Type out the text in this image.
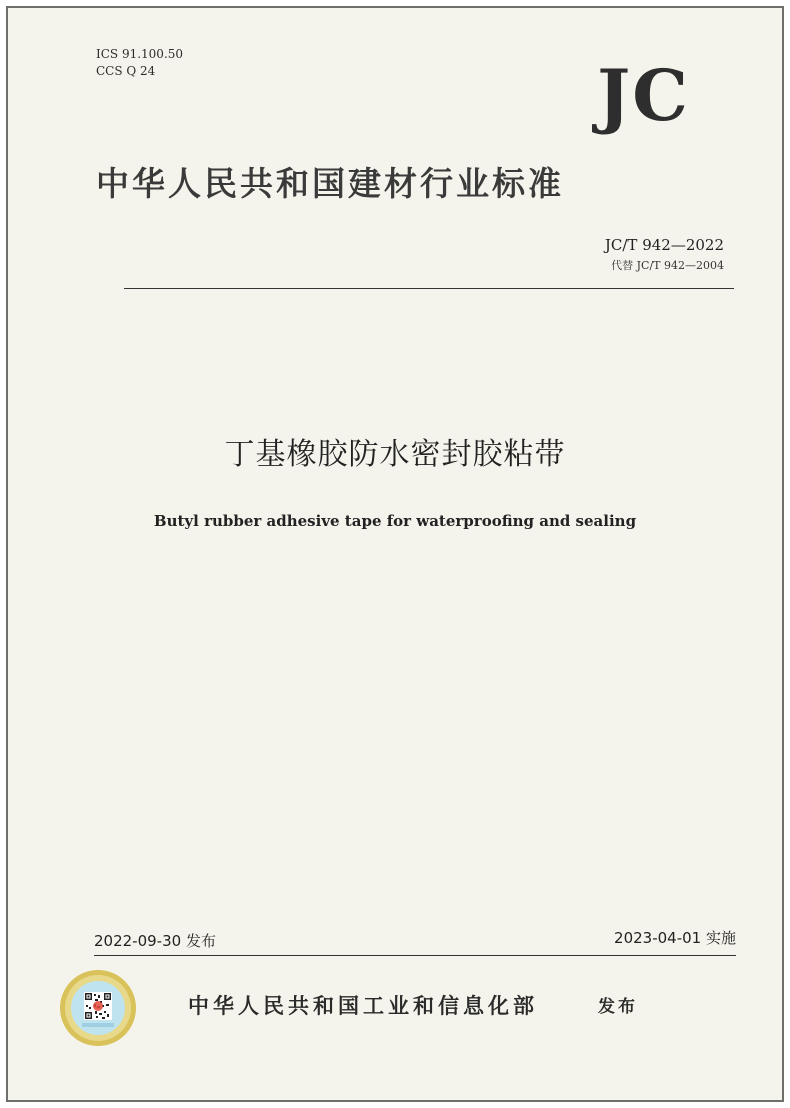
ICS 91.100.50
CCS Q 24	JC
中华人民共和国建材行业标准
JC/T 942—2022
代替 JC/T 942—2004
丁基橡胶防水密封胶粘带
Butyl rubber adhesive tape for waterproofing and sealing
2022-09-30 发布	2023-04-01 实施
中华人民共和国工业和信息化部	发布
